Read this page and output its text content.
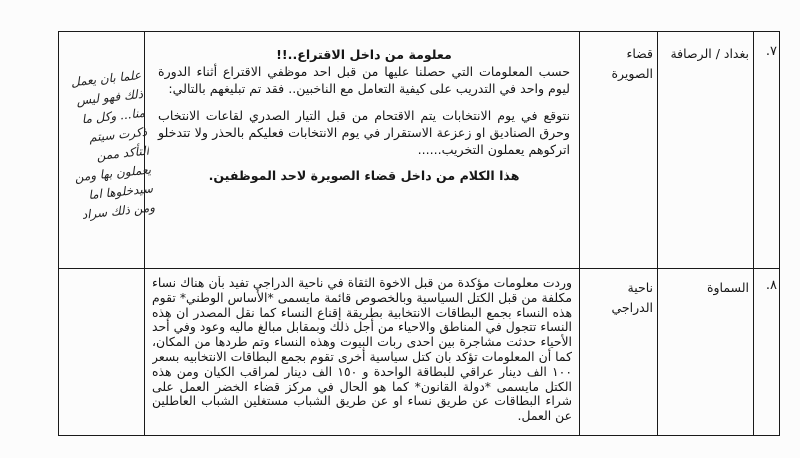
٧.
بغداد / الرصافة
قضاء الصويرة
معلومة من داخل الاقتراع..!!
حسب المعلومات التي حصلنا عليها من قبل احد موظفي الاقتراع أثناء الدورة ليوم واحد في التدريب على كيفية التعامل مع الناخبين.. فقد تم تبليغهم بالتالي:
نتوقع في يوم الانتخابات يتم الاقتحام من قبل التيار الصدري لقاعات الانتخاب وحرق الصناديق او زعزعة الاستقرار في يوم الانتخابات فعليكم بالحذر ولا تتدخلو اتركوهم يعملون التخريب......
هذا الكلام من داخل قضاء الصويرة لاحد الموظفين.
علما بان يعمل ذلك فهو ليس منا... وكل ما ذكرت سيتم التأكد ممن يعملون بها ومن سيدخلوها اما ومن ذلك سراد
٨.
السماوة
ناحية الدراجي
وردت معلومات مؤكدة من قبل الاخوة الثقاة في ناحية الدراجي تفيد بأن هناك نساء مكلفة من قبل الكتل السياسية وبالخصوص قائمة مايسمى *الأساس الوطني* تقوم هذه النساء بجمع البطاقات الانتخابية بطريقة إقناع النساء كما نقل المصدر ان هذه النساء تتجول في المناطق والاحياء من أجل ذلك وبمقابل مبالغ ماليه وعود وفي أحد الأحياء حدثت مشاجرة بين احدى ربات البيوت وهذه النساء وتم طردها من المكان، كما أن المعلومات تؤكد بان كتل سياسية أخرى تقوم بجمع البطاقات الانتخابيه بسعر ١٠٠ الف دينار عراقي للبطاقة الواحدة و ١٥٠ الف دينار لمراقب الكيان ومن هذه الكتل مايسمى *دولة القانون* كما هو الحال في مركز قضاء الخضر العمل على شراء البطاقات عن طريق نساء او عن طريق الشباب مستغلين الشباب العاطلين عن العمل.
